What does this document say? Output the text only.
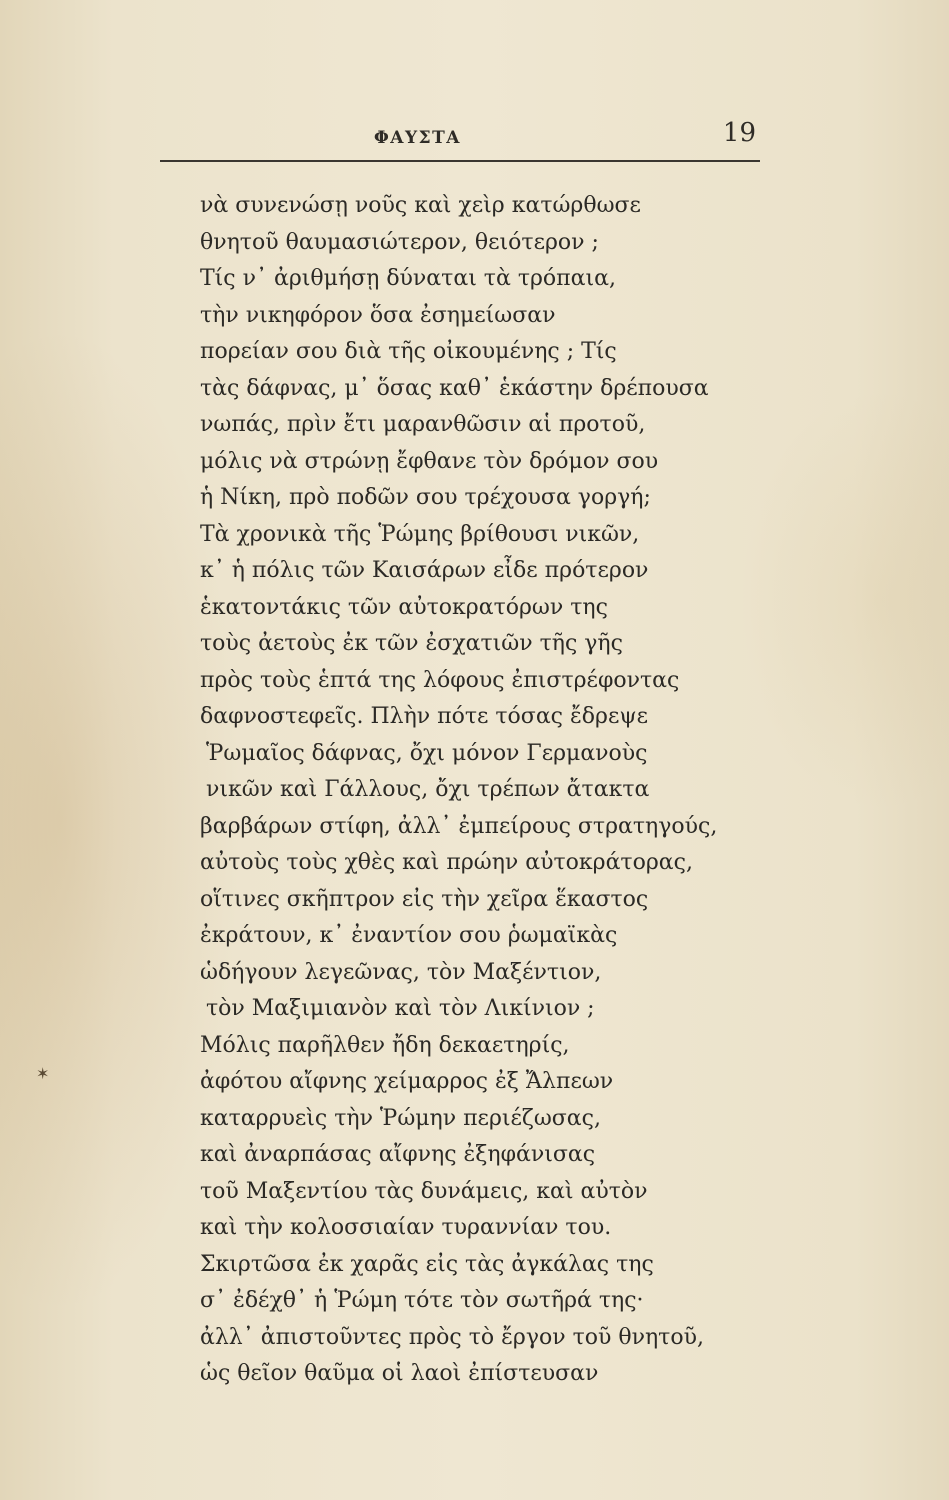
ΦΑΥΣΤΑ	19
νὰ συνενώσῃ νοῦς καὶ χεὶρ κατώρθωσε
θνητοῦ θαυμασιώτερον, θειότερον ;
Τίς ν᾿ ἀριθμήσῃ δύναται τὰ τρόπαια,
τὴν νικηφόρον ὅσα ἐσημείωσαν
πορείαν σου διὰ τῆς οἰκουμένης ; Τίς
τὰς δάφνας, μ᾿ ὅσας καθ᾿ ἑκάστην δρέπουσα
νωπάς, πρὶν ἔτι μαρανθῶσιν αἱ προτοῦ,
μόλις νὰ στρώνῃ ἔφθανε τὸν δρόμον σου
ἡ Νίκη, πρὸ ποδῶν σου τρέχουσα γοργή;
Τὰ χρονικὰ τῆς Ῥώμης βρίθουσι νικῶν,
κ᾿ ἡ πόλις τῶν Καισάρων εἶδε πρότερον
ἑκατοντάκις τῶν αὐτοκρατόρων της
τοὺς ἀετοὺς ἐκ τῶν ἐσχατιῶν τῆς γῆς
πρὸς τοὺς ἑπτά της λόφους ἐπιστρέφοντας
δαφνοστεφεῖς. Πλὴν πότε τόσας ἔδρεψε
Ῥωμαῖος δάφνας, ὄχι μόνον Γερμανοὺς
νικῶν καὶ Γάλλους, ὄχι τρέπων ἄτακτα
βαρβάρων στίφη, ἀλλ᾿ ἐμπείρους στρατηγούς,
αὐτοὺς τοὺς χθὲς καὶ πρώην αὐτοκράτορας,
οἵτινες σκῆπτρον εἰς τὴν χεῖρα ἕκαστος
ἐκράτουν, κ᾿ ἐναντίον σου ῥωμαϊκὰς
ὡδήγουν λεγεῶνας, τὸν Μαξέντιον,
τὸν Μαξιμιανὸν καὶ τὸν Λικίνιον ;
Μόλις παρῆλθεν ἤδη δεκαετηρίς,
ἀφότου αἴφνης χείμαρρος ἐξ Ἄλπεων
καταρρυεὶς τὴν Ῥώμην περιέζωσας,
καὶ ἀναρπάσας αἴφνης ἐξηφάνισας
τοῦ Μαξεντίου τὰς δυνάμεις, καὶ αὐτὸν
καὶ τὴν κολοσσιαίαν τυραννίαν του.
Σκιρτῶσα ἐκ χαρᾶς εἰς τὰς ἀγκάλας της
σ᾿ ἐδέχθ᾿ ἡ Ῥώμη τότε τὸν σωτῆρά της·
ἀλλ᾿ ἀπιστοῦντες πρὸς τὸ ἔργον τοῦ θνητοῦ,
ὡς θεῖον θαῦμα οἱ λαοὶ ἐπίστευσαν
✶
